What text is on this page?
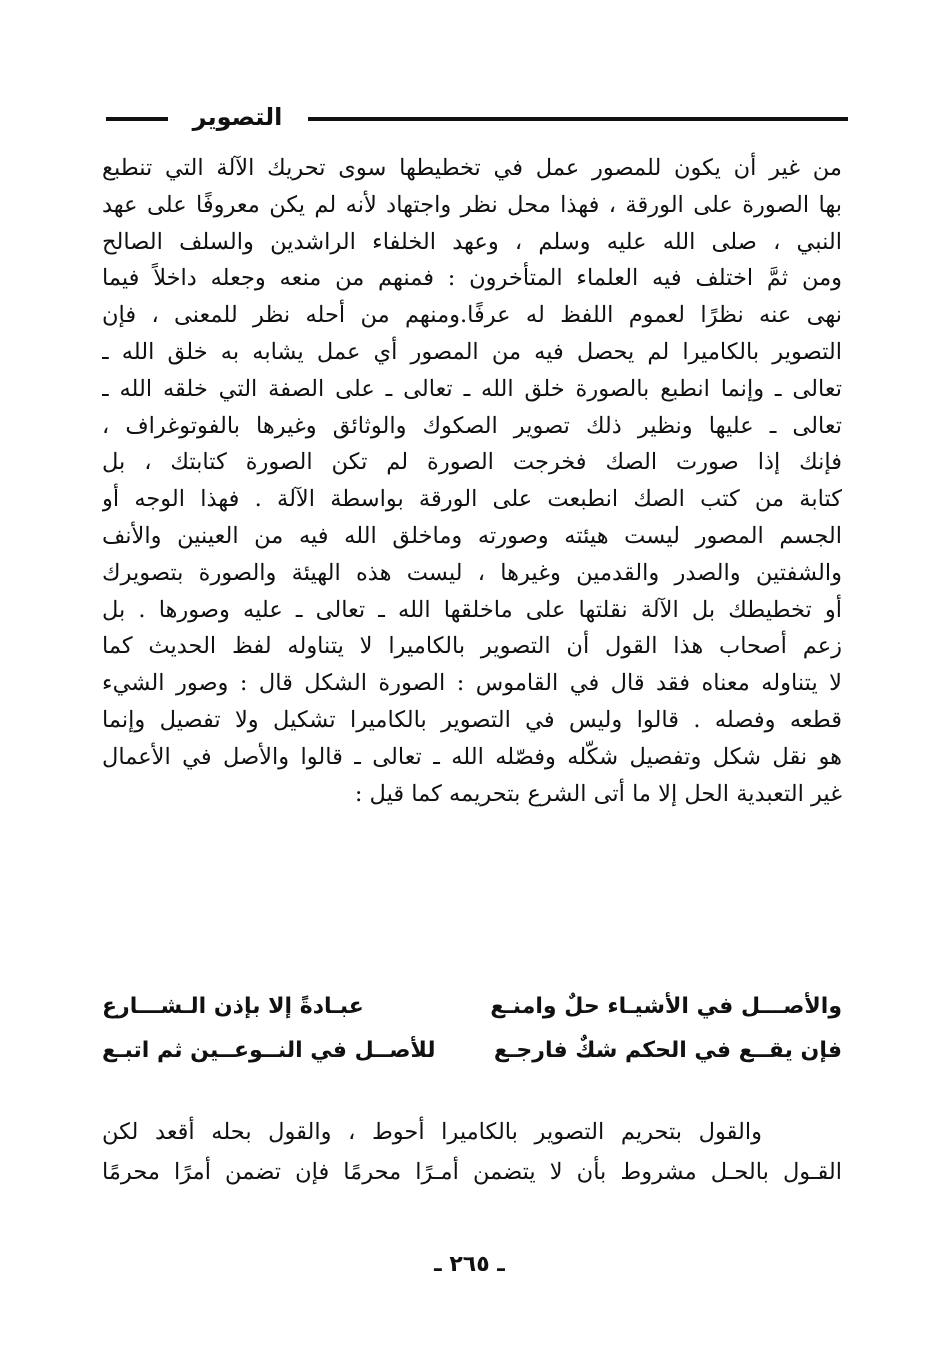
التصوير
من غير أن يكون للمصور عمل في تخطيطها سوى تحريك الآلة التي تنطبع
بها الصورة على الورقة ، فهذا محل نظر واجتهاد لأنه لم يكن معروفًا على عهد
النبي ، صلى الله عليه وسلم ، وعهد الخلفاء الراشدين والسلف الصالح
ومن ثمَّ اختلف فيه العلماء المتأخرون : فمنهم من منعه وجعله داخلاً فيما
نهى عنه نظرًا لعموم اللفظ له عرفًا.ومنهم من أحله نظر للمعنى ، فإن
التصوير بالكاميرا لم يحصل فيه من المصور أي عمل يشابه به خلق الله ـ
تعالى ـ وإنما انطبع بالصورة خلق الله ـ تعالى ـ على الصفة التي خلقه الله ـ
تعالى ـ عليها ونظير ذلك تصوير الصكوك والوثائق وغيرها بالفوتوغراف ،
فإنك إذا صورت الصك فخرجت الصورة لم تكن الصورة كتابتك ، بل
كتابة من كتب الصك انطبعت على الورقة بواسطة الآلة . فهذا الوجه أو
الجسم المصور ليست هيئته وصورته وماخلق الله فيه من العينين والأنف
والشفتين والصدر والقدمين وغيرها ، ليست هذه الهيئة والصورة بتصويرك
أو تخطيطك بل الآلة نقلتها على ماخلقها الله ـ تعالى ـ عليه وصورها . بل
زعم أصحاب هذا القول أن التصوير بالكاميرا لا يتناوله لفظ الحديث كما
لا يتناوله معناه فقد قال في القاموس : الصورة الشكل قال : وصور الشيء
قطعه وفصله . قالوا وليس في التصوير بالكاميرا تشكيل ولا تفصيل وإنما
هو نقل شكل وتفصيل شكّله وفصّله الله ـ تعالى ـ قالوا والأصل في الأعمال
غير التعبدية الحل إلا ما أتى الشرع بتحريمه كما قيل :
والأصـــل في الأشيـاء حلٌ وامنـع
عبـادةً إلا بإذن الـشـــارع
فإن يقــع في الحكم شكٌ فارجـع
للأصــل في النــوعــين ثم اتبـع
والقول بتحريم التصوير بالكاميرا أحوط ، والقول بحله أقعد لكن
القـول بالحـل مشروط بأن لا يتضمن أمـرًا محرمًا فإن تضمن أمرًا محرمًا
ـ ٢٦٥ ـ
